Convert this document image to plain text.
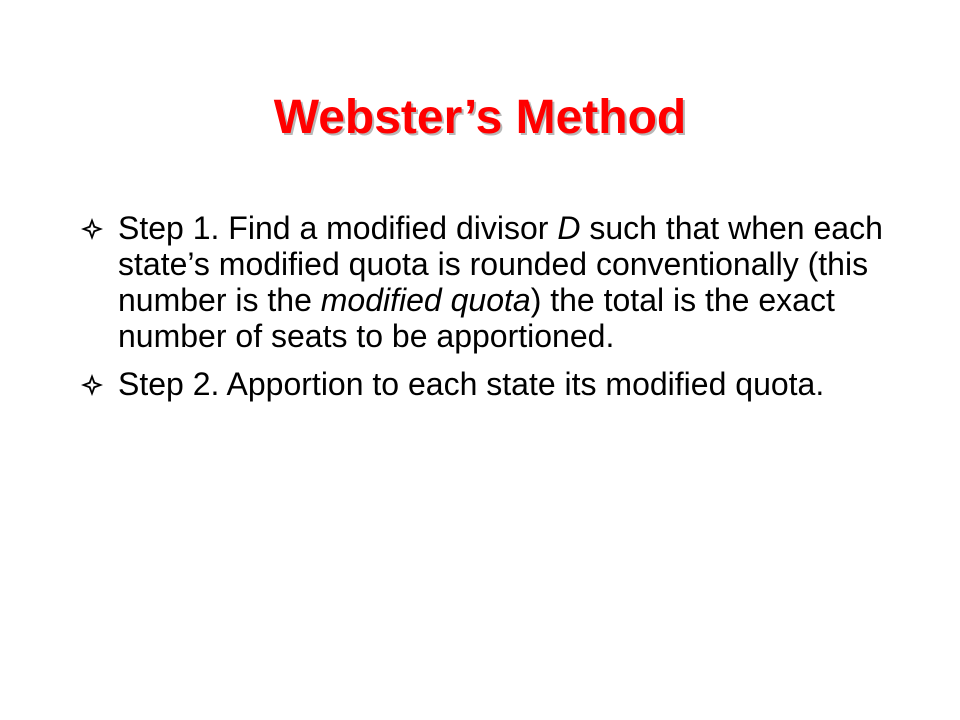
Webster’s Method
Step 1. Find a modified divisor D such that when each state’s modified quota is rounded conventionally (this number is the modified quota) the total is the exact number of seats to be apportioned.
Step 2. Apportion to each state its modified quota.
